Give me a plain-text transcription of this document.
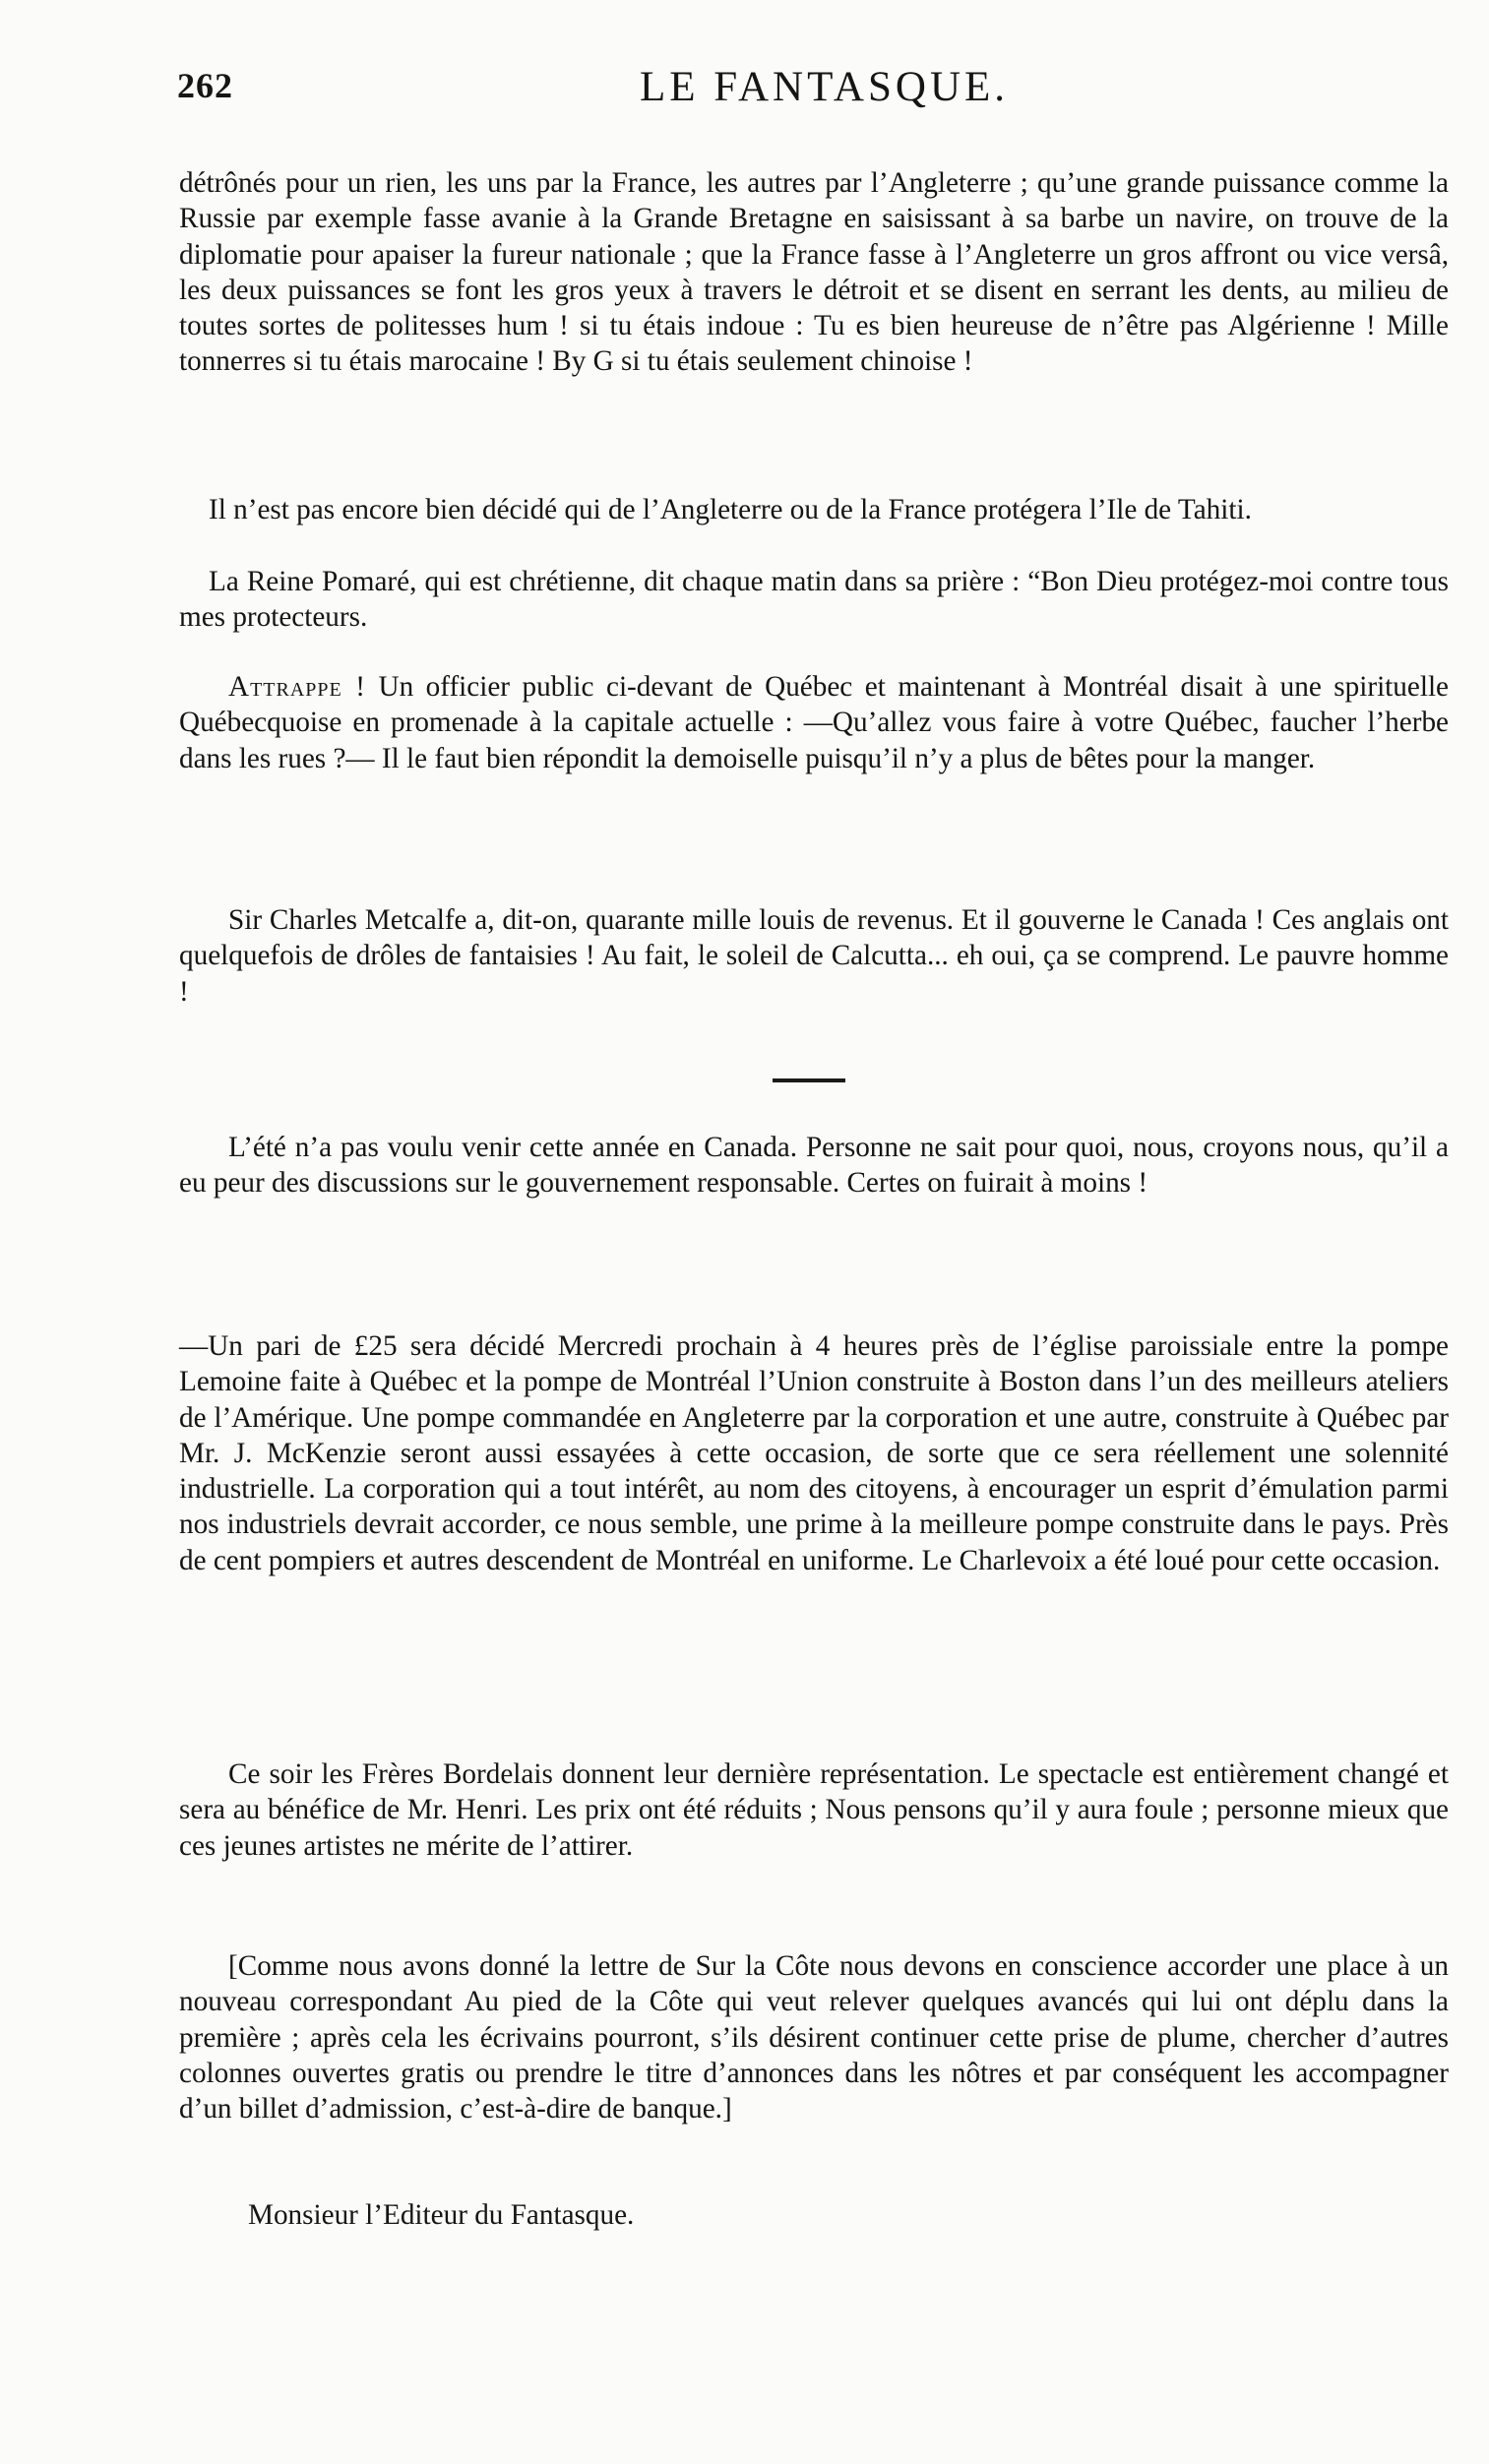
262	LE FANTASQUE.

détrônés pour un rien, les uns par la France, les autres par l’Angleterre ; qu’une grande puissance comme la Russie par exemple fasse avanie à la Grande Bretagne en saisissant à sa barbe un navire, on trouve de la diplomatie pour apaiser la fureur nationale ; que la France fasse à l’Angleterre un gros affront ou vice versâ, les deux puissances se font les gros yeux à travers le détroit et se disent en serrant les dents, au milieu de toutes sortes de politesses hum ! si tu étais indoue : Tu es bien heureuse de n’être pas Algérienne ! Mille tonnerres si tu étais marocaine ! By G si tu étais seulement chinoise !

Il n’est pas encore bien décidé qui de l’Angleterre ou de la France protégera l’Ile de Tahiti.

La Reine Pomaré, qui est chrétienne, dit chaque matin dans sa prière : “Bon Dieu protégez-moi contre tous mes protecteurs.

Attrappe ! Un officier public ci-devant de Québec et maintenant à Montréal disait à une spirituelle Québecquoise en promenade à la capitale actuelle : —Qu’allez vous faire à votre Québec, faucher l’herbe dans les rues ?— Il le faut bien répondit la demoiselle puisqu’il n’y a plus de bêtes pour la manger.

Sir Charles Metcalfe a, dit-on, quarante mille louis de revenus. Et il gouverne le Canada ! Ces anglais ont quelquefois de drôles de fantaisies ! Au fait, le soleil de Calcutta... eh oui, ça se comprend. Le pauvre homme !

L’été n’a pas voulu venir cette année en Canada. Personne ne sait pour quoi, nous, croyons nous, qu’il a eu peur des discussions sur le gouvernement responsable. Certes on fuirait à moins !

—Un pari de £25 sera décidé Mercredi prochain à 4 heures près de l’église paroissiale entre la pompe Lemoine faite à Québec et la pompe de Montréal l’Union construite à Boston dans l’un des meilleurs ateliers de l’Amérique. Une pompe commandée en Angleterre par la corporation et une autre, construite à Québec par Mr. J. McKenzie seront aussi essayées à cette occasion, de sorte que ce sera réellement une solennité industrielle. La corporation qui a tout intérêt, au nom des citoyens, à encourager un esprit d’émulation parmi nos industriels devrait accorder, ce nous semble, une prime à la meilleure pompe construite dans le pays. Près de cent pompiers et autres descendent de Montréal en uniforme. Le Charlevoix a été loué pour cette occasion.

Ce soir les Frères Bordelais donnent leur dernière représentation. Le spectacle est entièrement changé et sera au bénéfice de Mr. Henri. Les prix ont été réduits ; Nous pensons qu’il y aura foule ; personne mieux que ces jeunes artistes ne mérite de l’attirer.

[Comme nous avons donné la lettre de Sur la Côte nous devons en conscience accorder une place à un nouveau correspondant Au pied de la Côte qui veut relever quelques avancés qui lui ont déplu dans la première ; après cela les écrivains pourront, s’ils désirent continuer cette prise de plume, chercher d’autres colonnes ouvertes gratis ou prendre le titre d’annonces dans les nôtres et par conséquent les accompagner d’un billet d’admission, c’est-à-dire de banque.]

Monsieur l’Editeur du Fantasque.
